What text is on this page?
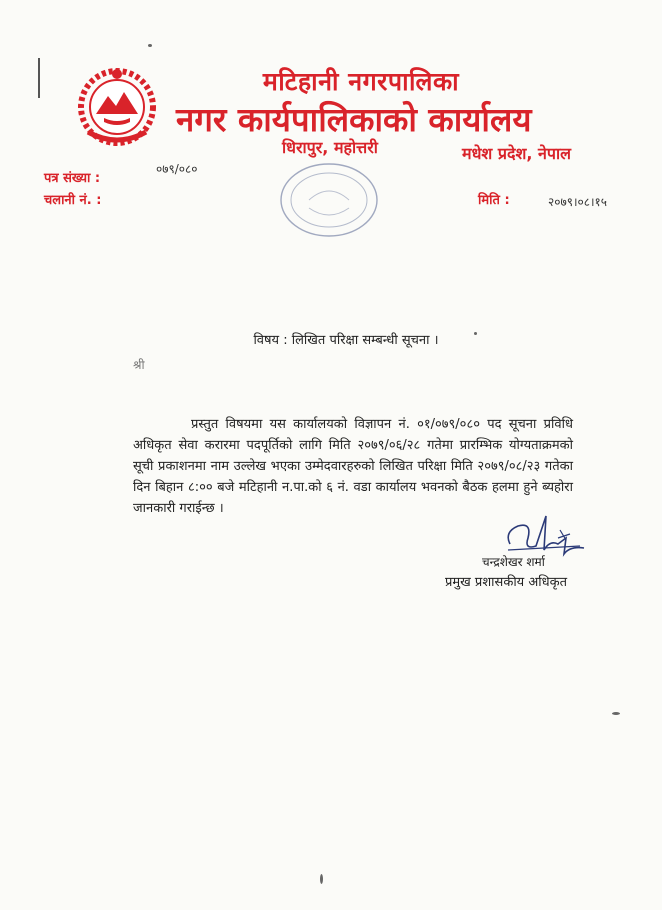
मटिहानी नगरपालिका
नगर कार्यपालिकाको कार्यालय
धिरापुर, महोत्तरी	मधेश प्रदेश, नेपाल
पत्र संख्या :
०७९/०८०
चलानी नं. :	मिति :	२०७९।०८।१५
विषय : लिखित परिक्षा सम्बन्धी सूचना ।
श्री
प्रस्तुत विषयमा यस कार्यालयको विज्ञापन नं. ०१/०७९/०८० पद सूचना प्रविधि अधिकृत सेवा करारमा पदपूर्तिको लागि मिति २०७९/०६/२८ गतेमा प्रारम्भिक योग्यताक्रमको सूची प्रकाशनमा नाम उल्लेख भएका उम्मेदवारहरुको लिखित परिक्षा मिति २०७९/०८/२३ गतेका दिन बिहान ८:०० बजे मटिहानी न.पा.को ६ नं. वडा कार्यालय भवनको बैठक हलमा हुने ब्यहोरा जानकारी गराईन्छ ।
चन्द्रशेखर शर्मा
प्रमुख प्रशासकीय अधिकृत
